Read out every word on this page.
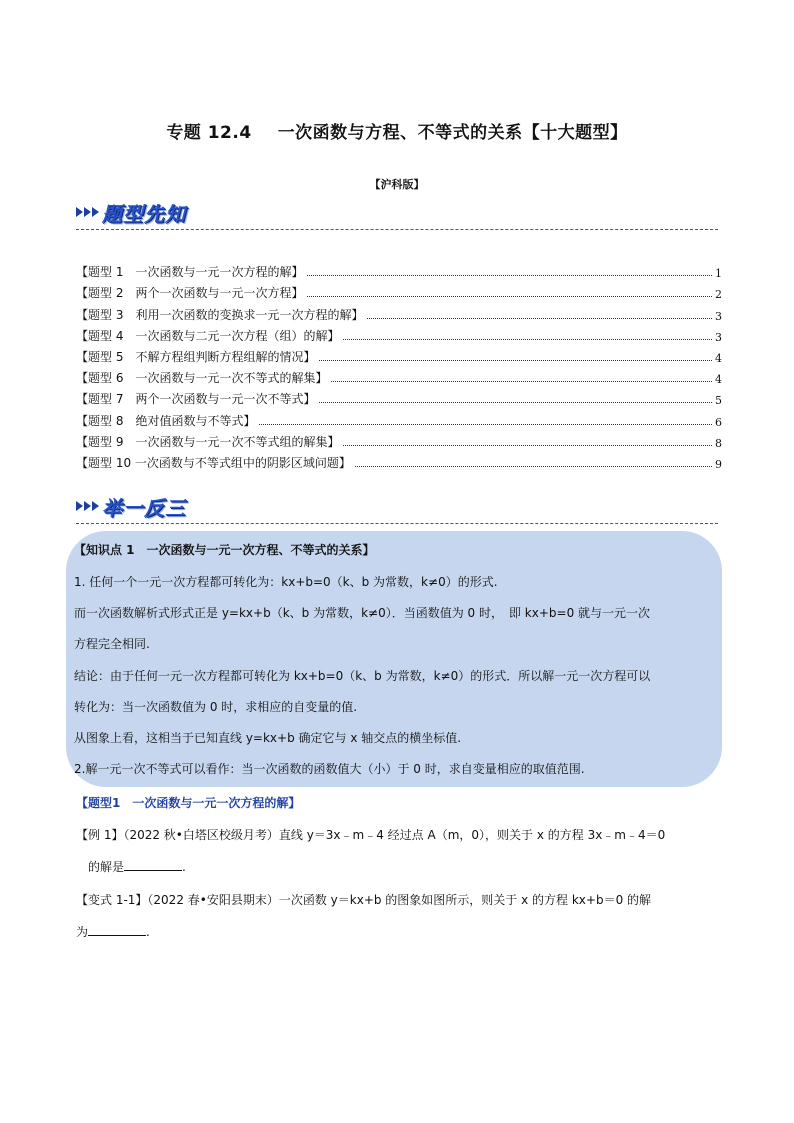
专题 12.4 一次函数与方程、不等式的关系【十大题型】
【沪科版】
题型先知
【题型 1　一次函数与一元一次方程的解】	1
【题型 2　两个一次函数与一元一次方程】	2
【题型 3　利用一次函数的变换求一元一次方程的解】	3
【题型 4　一次函数与二元一次方程（组）的解】	3
【题型 5　不解方程组判断方程组解的情况】	4
【题型 6　一次函数与一元一次不等式的解集】	4
【题型 7　两个一次函数与一元一次不等式】	5
【题型 8　绝对值函数与不等式】	6
【题型 9　一次函数与一元一次不等式组的解集】	8
【题型 10 一次函数与不等式组中的阴影区域问题】	9
举一反三
【知识点 1　一次函数与一元一次方程、不等式的关系】
1. 任何一个一元一次方程都可转化为：kx+b=0（k、b 为常数，k≠0）的形式.
而一次函数解析式形式正是 y=kx+b（k、b 为常数，k≠0）．当函数值为 0 时，　即 kx+b=0 就与一元一次
方程完全相同.
结论：由于任何一元一次方程都可转化为 kx+b=0（k、b 为常数，k≠0）的形式．所以解一元一次方程可以
转化为：当一次函数值为 0 时，求相应的自变量的值.
从图象上看，这相当于已知直线 y=kx+b 确定它与 x 轴交点的横坐标值.
2.解一元一次不等式可以看作：当一次函数的函数值大（小）于 0 时，求自变量相应的取值范围.
【题型1　一次函数与一元一次方程的解】
【例 1】（2022 秋•白塔区校级月考）直线 y＝3x﹣m﹣4 经过点 A（m，0），则关于 x 的方程 3x﹣m﹣4＝0
的解是	.
【变式 1-1】（2022 春•安阳县期末）一次函数 y＝kx+b 的图象如图所示，则关于 x 的方程 kx+b＝0 的解
为	.
